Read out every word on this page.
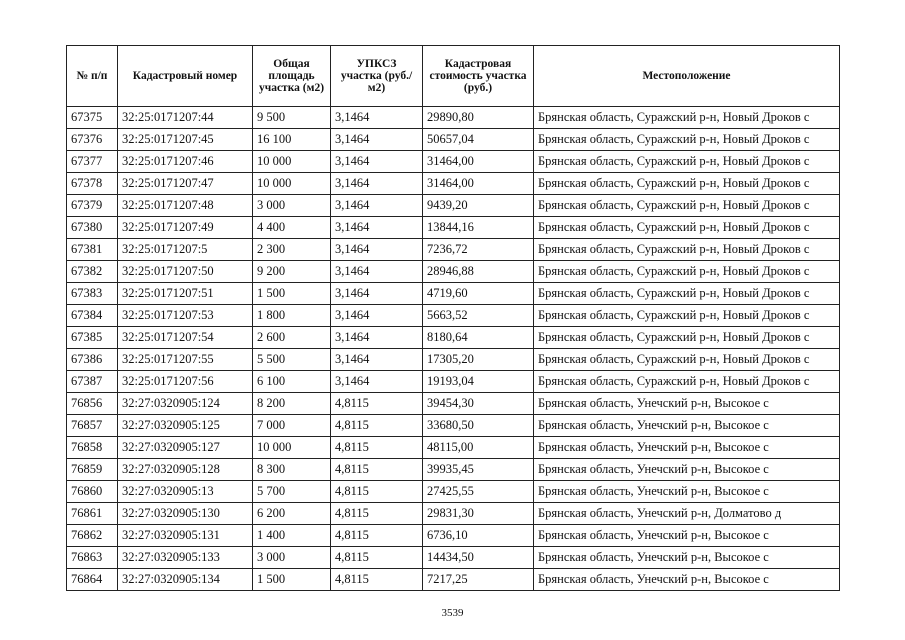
№ п/п	Кадастровый номер	Общая площадь участка (м2)	УПКСЗ участка (руб./м2)	Кадастровая стоимость участка (руб.)	Местоположение
67375	32:25:0171207:44	9 500	3,1464	29890,80	Брянская область, Суражский р-н, Новый Дроков с
67376	32:25:0171207:45	16 100	3,1464	50657,04	Брянская область, Суражский р-н, Новый Дроков с
67377	32:25:0171207:46	10 000	3,1464	31464,00	Брянская область, Суражский р-н, Новый Дроков с
67378	32:25:0171207:47	10 000	3,1464	31464,00	Брянская область, Суражский р-н, Новый Дроков с
67379	32:25:0171207:48	3 000	3,1464	9439,20	Брянская область, Суражский р-н, Новый Дроков с
67380	32:25:0171207:49	4 400	3,1464	13844,16	Брянская область, Суражский р-н, Новый Дроков с
67381	32:25:0171207:5	2 300	3,1464	7236,72	Брянская область, Суражский р-н, Новый Дроков с
67382	32:25:0171207:50	9 200	3,1464	28946,88	Брянская область, Суражский р-н, Новый Дроков с
67383	32:25:0171207:51	1 500	3,1464	4719,60	Брянская область, Суражский р-н, Новый Дроков с
67384	32:25:0171207:53	1 800	3,1464	5663,52	Брянская область, Суражский р-н, Новый Дроков с
67385	32:25:0171207:54	2 600	3,1464	8180,64	Брянская область, Суражский р-н, Новый Дроков с
67386	32:25:0171207:55	5 500	3,1464	17305,20	Брянская область, Суражский р-н, Новый Дроков с
67387	32:25:0171207:56	6 100	3,1464	19193,04	Брянская область, Суражский р-н, Новый Дроков с
76856	32:27:0320905:124	8 200	4,8115	39454,30	Брянская область, Унечский р-н, Высокое с
76857	32:27:0320905:125	7 000	4,8115	33680,50	Брянская область, Унечский р-н, Высокое с
76858	32:27:0320905:127	10 000	4,8115	48115,00	Брянская область, Унечский р-н, Высокое с
76859	32:27:0320905:128	8 300	4,8115	39935,45	Брянская область, Унечский р-н, Высокое с
76860	32:27:0320905:13	5 700	4,8115	27425,55	Брянская область, Унечский р-н, Высокое с
76861	32:27:0320905:130	6 200	4,8115	29831,30	Брянская область, Унечский р-н, Долматово д
76862	32:27:0320905:131	1 400	4,8115	6736,10	Брянская область, Унечский р-н, Высокое с
76863	32:27:0320905:133	3 000	4,8115	14434,50	Брянская область, Унечский р-н, Высокое с
76864	32:27:0320905:134	1 500	4,8115	7217,25	Брянская область, Унечский р-н, Высокое с
3539
